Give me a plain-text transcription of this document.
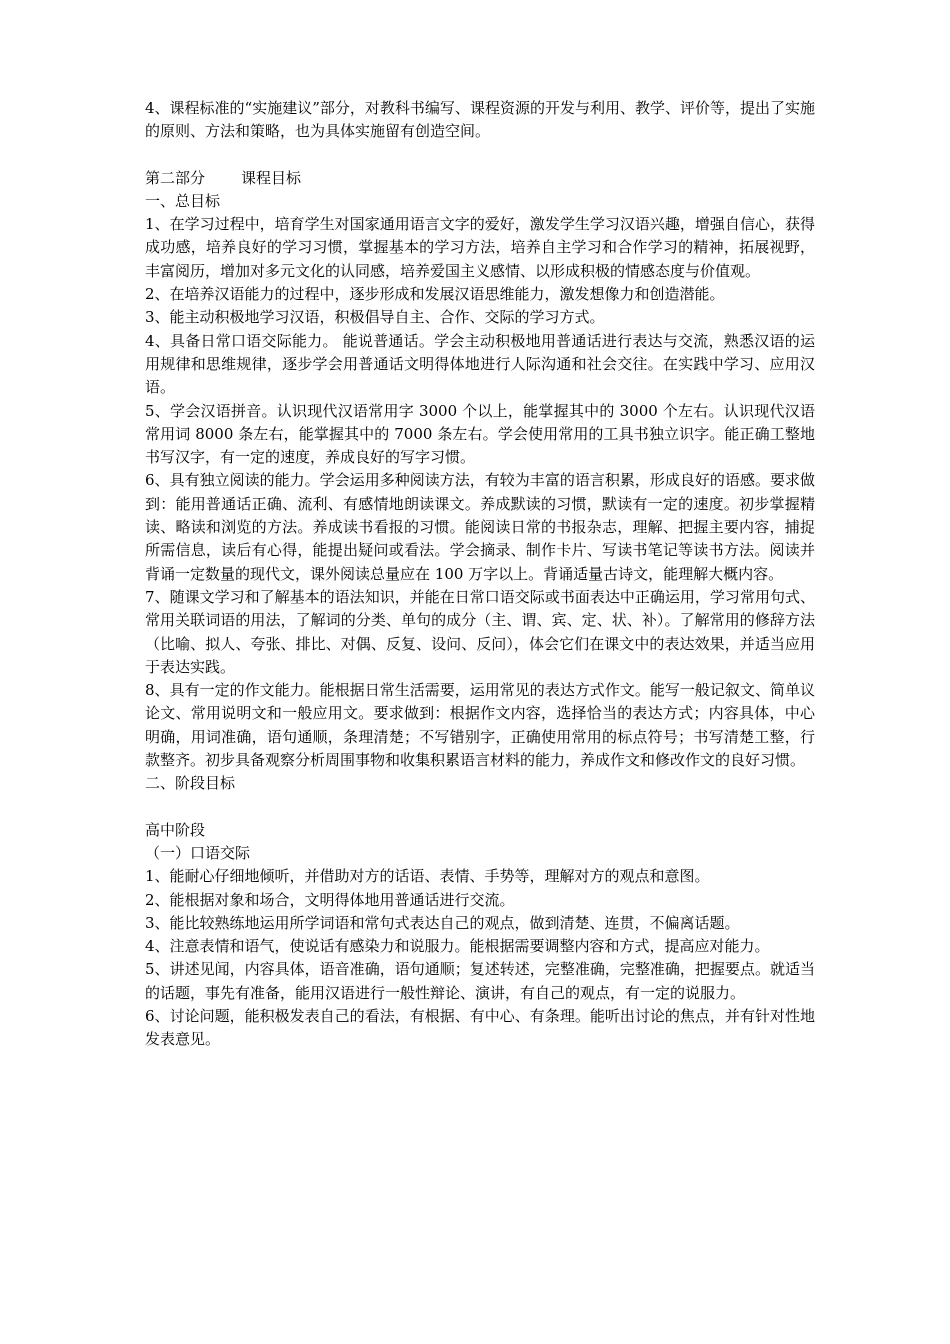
4、课程标准的“实施建议”部分，对教科书编写、课程资源的开发与利用、教学、评价等，提出了实施的原则、方法和策略，也为具体实施留有创造空间。

第二部分 课程目标

一、总目标

1、在学习过程中，培育学生对国家通用语言文字的爱好，激发学生学习汉语兴趣，增强自信心，获得成功感，培养良好的学习习惯，掌握基本的学习方法，培养自主学习和合作学习的精神，拓展视野，丰富阅历，增加对多元文化的认同感，培养爱国主义感情、以形成积极的情感态度与价值观。

2、在培养汉语能力的过程中，逐步形成和发展汉语思维能力，激发想像力和创造潜能。

3、能主动积极地学习汉语，积极倡导自主、合作、交际的学习方式。

4、具备日常口语交际能力。 能说普通话。学会主动积极地用普通话进行表达与交流，熟悉汉语的运用规律和思维规律，逐步学会用普通话文明得体地进行人际沟通和社会交往。在实践中学习、应用汉语。

5、学会汉语拼音。认识现代汉语常用字 3000 个以上，能掌握其中的 3000 个左右。认识现代汉语常用词 8000 条左右，能掌握其中的 7000 条左右。学会使用常用的工具书独立识字。能正确工整地书写汉字，有一定的速度，养成良好的写字习惯。

6、具有独立阅读的能力。学会运用多种阅读方法，有较为丰富的语言积累，形成良好的语感。要求做到：能用普通话正确、流利、有感情地朗读课文。养成默读的习惯，默读有一定的速度。初步掌握精读、略读和浏览的方法。养成读书看报的习惯。能阅读日常的书报杂志，理解、把握主要内容，捕捉所需信息，读后有心得，能提出疑问或看法。学会摘录、制作卡片、写读书笔记等读书方法。阅读并背诵一定数量的现代文，课外阅读总量应在 100 万字以上。背诵适量古诗文，能理解大概内容。

7、随课文学习和了解基本的语法知识，并能在日常口语交际或书面表达中正确运用，学习常用句式、常用关联词语的用法，了解词的分类、单句的成分（主、谓、宾、定、状、补）。了解常用的修辞方法（比喻、拟人、夸张、排比、对偶、反复、设问、反问），体会它们在课文中的表达效果，并适当应用于表达实践。

8、具有一定的作文能力。能根据日常生活需要，运用常见的表达方式作文。能写一般记叙文、简单议论文、常用说明文和一般应用文。要求做到：根据作文内容，选择恰当的表达方式；内容具体，中心明确，用词准确，语句通顺，条理清楚；不写错别字，正确使用常用的标点符号；书写清楚工整，行款整齐。初步具备观察分析周围事物和收集积累语言材料的能力，养成作文和修改作文的良好习惯。

二、阶段目标

高中阶段

（一）口语交际

1、能耐心仔细地倾听，并借助对方的话语、表情、手势等，理解对方的观点和意图。

2、能根据对象和场合，文明得体地用普通话进行交流。

3、能比较熟练地运用所学词语和常句式表达自己的观点，做到清楚、连贯，不偏离话题。

4、注意表情和语气，使说话有感染力和说服力。能根据需要调整内容和方式，提高应对能力。

5、讲述见闻，内容具体，语音准确，语句通顺；复述转述，完整准确，完整准确，把握要点。就适当的话题，事先有准备，能用汉语进行一般性辩论、演讲，有自己的观点，有一定的说服力。

6、讨论问题，能积极发表自己的看法，有根据、有中心、有条理。能听出讨论的焦点，并有针对性地发表意见。
